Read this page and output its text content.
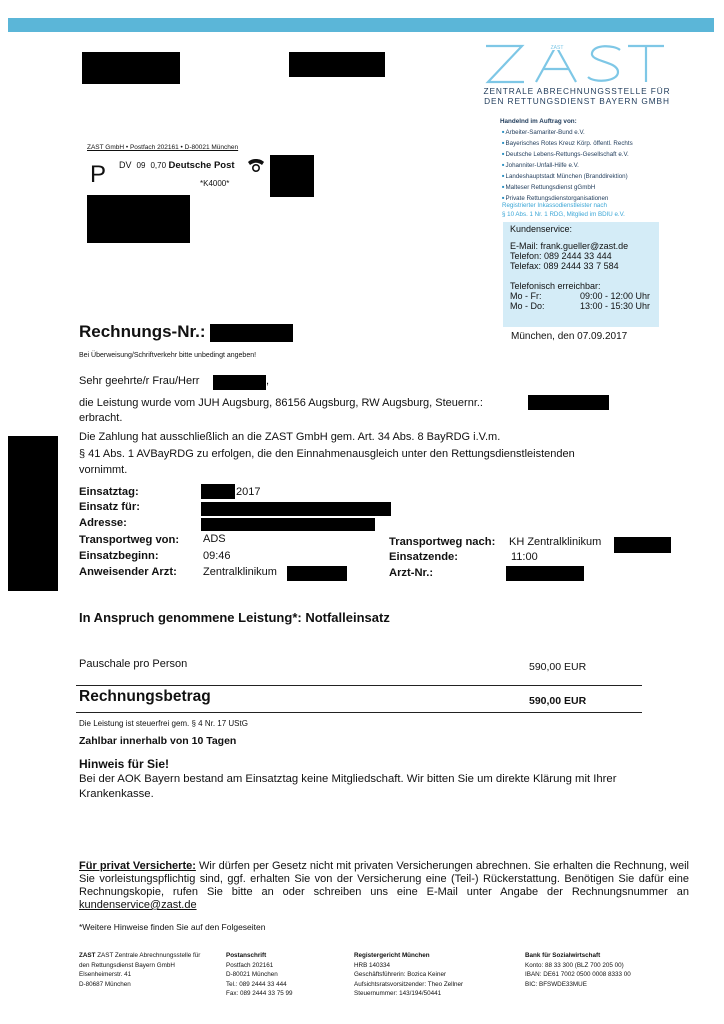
ZAST
ZENTRALE ABRECHNUNGSSTELLE FÜR DEN RETTUNGSDIENST BAYERN GMBH
Handelnd im Auftrag von:
■ Arbeiter-Samariter-Bund e.V.
■ Bayerisches Rotes Kreuz Körp. öffentl. Rechts
■ Deutsche Lebens-Rettungs-Gesellschaft e.V.
■ Johanniter-Unfall-Hilfe e.V.
■ Landeshauptstadt München (Branddirektion)
■ Malteser Rettungsdienst gGmbH
■ Private Rettungsdienstorganisationen
Registrierter Inkassodienstleister nach
§ 10 Abs. 1 Nr. 1 RDG, Mitglied im BDIU e.V.
Kundenservice:
E-Mail: frank.gueller@zast.de
Telefon: 089 2444 33 444
Telefax: 089 2444 33 7 584
Telefonisch erreichbar:
Mo - Fr:	09:00 - 12:00 Uhr
Mo - Do:	13:00 - 15:30 Uhr
ZAST GmbH • Postfach 202161 • D-80021 München
P DV 09 0,70 Deutsche Post
*K4000*
Rechnungs-Nr.:	München, den 07.09.2017
Bei Überweisung/Schriftverkehr bitte unbedingt angeben!
Sehr geehrte/r Frau/Herr	,
die Leistung wurde vom JUH Augsburg, 86156 Augsburg, RW Augsburg, Steuernr.:
erbracht.
Die Zahlung hat ausschließlich an die ZAST GmbH gem. Art. 34 Abs. 8 BayRDG i.V.m.
§ 41 Abs. 1 AVBayRDG zu erfolgen, die den Einnahmenausgleich unter den Rettungsdienstleistenden
vornimmt.
Einsatztag:	2017
Einsatz für:
Adresse:
Transportweg von: ADS	Transportweg nach: KH Zentralklinikum
Einsatzbeginn:	09:46	Einsatzende:	11:00
Anweisender Arzt: Zentralklinikum	Arzt-Nr.:
In Anspruch genommene Leistung*: Notfalleinsatz
Pauschale pro Person	590,00 EUR
Rechnungsbetrag	590,00 EUR
Die Leistung ist steuerfrei gem. § 4 Nr. 17 UStG
Zahlbar innerhalb von 10 Tagen
Hinweis für Sie!
Bei der AOK Bayern bestand am Einsatztag keine Mitgliedschaft. Wir bitten Sie um direkte Klärung mit Ihrer Krankenkasse.
Für privat Versicherte: Wir dürfen per Gesetz nicht mit privaten Versicherungen abrechnen. Sie erhalten die Rechnung, weil Sie vorleistungspflichtig sind, ggf. erhalten Sie von der Versicherung eine (Teil-) Rückerstattung. Benötigen Sie dafür eine Rechnungskopie, rufen Sie bitte an oder schreiben uns eine E-Mail unter Angabe der Rechnungsnummer an kundenservice@zast.de
*Weitere Hinweise finden Sie auf den Folgeseiten
ZAST ZAST Zentrale Abrechnungsstelle für
den Rettungsdienst Bayern GmbH
Elsenheimerstr. 41
D-80687 München
Postanschrift
Postfach 202161
D-80021 München
Tel.: 089 2444 33 444
Fax: 089 2444 33 75 99
Registergericht München
HRB 140334
Geschäftsführerin: Bozica Keiner
Aufsichtsratsvorsitzender: Theo Zellner
Steuernummer: 143/194/50441
Bank für Sozialwirtschaft
Konto: 88 33 300 (BLZ 700 205 00)
IBAN: DE61 7002 0500 0008 8333 00
BIC: BFSWDE33MUE
